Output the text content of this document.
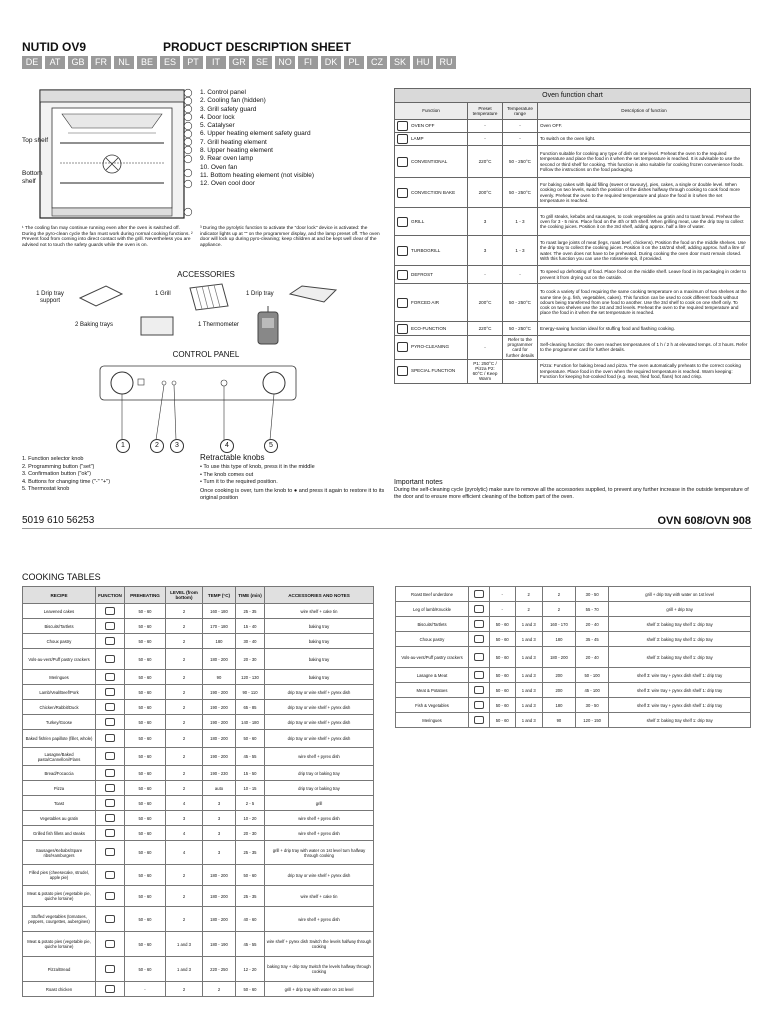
NUTID OV9	PRODUCT DESCRIPTION SHEET
DE	AT	GB	FR	NL	BE	ES	PT	IT	GR	SE	NO	FI	DK	PL	CZ	SK	HU	RU
Top shelf
Bottom shelf
1. Control panel
2. Cooling fan (hidden)
3. Grill safety guard
4. Door lock
5. Catalyser
6. Upper heating element safety guard
7. Grill heating element
8. Upper heating element
9. Rear oven lamp
10. Oven fan
11. Bottom heating element (not visible)
12. Oven cool door
¹ The cooling fan may continue running even after the oven is switched off. During the pyro-clean cycle the fan must work during normal cooking functions. ² Prevent food from coming into direct contact with the grill. Nevertheless you are advised not to touch the safety guards while the oven is on.
³ During the pyrolytic function to activate the "door lock" device is activated: the indicator lights up at "" on the programmer display, and the lamp preset off. The oven door will lock up during pyro-cleaning; keep children at and be kept well clear of the appliance.
ACCESSORIES
1 Drip tray support
1 Grill	1 Drip tray
2 Baking trays	1 Thermometer
CONTROL PANEL
1	2	3	4	5
1. Function selector knob
2. Programming button ("set")
3. Confirmation button ("ok")
4. Buttons for changing time ("-" "+")
5. Thermostat knob
Retractable knobs
• To use this type of knob, press it in the middle
• The knob comes out
• Turn it to the required position.
Once cooking is over, turn the knob to ● and press it again to restore it to its original position
Oven function chart			
Function	Preset temperature	Temperature range	Description of function
OVEN OFF	-	-	Oven OFF.
LAMP	-	-	To switch on the oven light.
CONVENTIONAL	220°C	50 - 250°C	Function suitable for cooking any type of dish on one level. Preheat the oven to the required temperature and place the food in it when the set temperature is reached. It is advisable to use the second or third shelf for cooking. This function is also suitable for cooking frozen convenience foods. Follow the instructions on the food packaging.
CONVECTION BAKE	200°C	50 - 250°C	For baking cakes with liquid filling (sweet or savoury), pies, cakes, a single or double level. When cooking on two levels, switch the position of the dishes halfway through cooking to cook food more evenly. Preheat the oven to the required temperature and place the food in it when the set temperature is reached.
GRILL	3	1 - 3	To grill steaks, kebabs and sausages, to cook vegetables au gratin and to toast bread. Preheat the oven for 3 - 5 mins. Place food on the 4th or 5th shelf. When grilling meat, use the drip tray to collect the cooking juices. Position it on the 3rd shelf, adding approx. half a litre of water.
TURBOGRILL	3	1 - 3	To roast large joints of meat (legs, roast beef, chickens). Position the food on the middle shelves. Use the drip tray to collect the cooking juices. Position it on the 1st/2nd shelf, adding approx. half a litre of water. The oven does not have to be preheated. During cooking the oven door must remain closed. With this function you can use the rotisserie spit, if provided.
DEFROST	-	-	To speed up defrosting of food. Place food on the middle shelf. Leave food in its packaging in order to prevent it from drying out on the outside.
FORCED AIR	200°C	50 - 250°C	To cook a variety of food requiring the same cooking temperature on a maximum of two shelves at the same time (e.g. fish, vegetables, cakes). This function can be used to cook different foods without odours being transferred from one food to another. Use the 3rd shelf to cook on one shelf only. To cook on two shelves use the 1st and 3rd levels. Preheat the oven to the required temperature and place the food in it when the set temperature is reached.
ECO-FUNCTION	220°C	50 - 250°C	Energy-saving function ideal for stuffing food and flashing cooking.
PYRO-CLEANING	-	Refer to the programmer card for further details	Self-cleaning function: the oven reaches temperatures of 1 h / 2 h at elevated temps. of 3 hours. Refer to the programmer card for further details.
SPECIAL FUNCTION	P1: 250°C / Pizza P2: 60°C / Keep Warm		Pizza: Function for baking bread and pizza. The oven automatically preheats to the correct cooking temperature. Place food in the oven when the required temperature is reached. Warm keeping: Function for keeping hot-cooked food (e.g. meat, fried food, flans) hot and crisp.
Important notes
During the self-cleaning cycle (pyrolytic) make sure to remove all the accessories supplied, to prevent any further increase in the outside temperature of the door and to ensure more efficient cleaning of the bottom part of the oven.
5019 610 56253	OVN 608/OVN 908
COOKING TABLES
RECIPE	FUNCTION	PREHEATING	LEVEL (from bottom)	TEMP (°C)	TIME (min)	ACCESSORIES AND NOTES
Leavened cakes		50 - 60	2	160 - 180	25 - 35	wire shelf + cake tin
Biscuits/Tartlets		50 - 60	2	170 - 180	15 - 40	baking tray
Choux pastry		50 - 60	2	180	30 - 40	baking tray
Vols-au-vent/Puff pastry crackers		50 - 60	2	180 - 200	20 - 30	baking tray
Meringues		50 - 60	2	90	120 - 130	baking tray
Lamb/Veal/Beef/Pork		50 - 60	2	190 - 200	90 - 110	drip tray or wire shelf + pyrex dish
Chicken/Rabbit/Duck		50 - 60	2	190 - 200	65 - 85	drip tray or wire shelf + pyrex dish
Turkey/Goose		50 - 60	2	190 - 200	140 - 180	drip tray or wire shelf + pyrex dish
Baked fish/en papillote (fillet, whole)		50 - 60	2	180 - 200	50 - 60	drip tray or wire shelf + pyrex dish
Lasagne/Baked pasta/Cannelloni/Flans		50 - 60	2	190 - 200	45 - 55	wire shelf + pyrex dish
Bread/Focaccia		50 - 60	2	190 - 230	15 - 50	drip tray or baking tray
Pizza		50 - 60	2	auto	10 - 15	drip tray or baking tray
Toast		50 - 60	4	3	2 - 5	grill
Vegetables au gratin		50 - 60	3	3	10 - 20	wire shelf + pyrex dish
Grilled fish fillets and steaks		50 - 60	4	3	20 - 30	wire shelf + pyrex dish
Sausages/Kebabs/Spare ribs/Hamburgers		50 - 60	4	3	25 - 35	grill + drip tray with water on 1st level turn halfway through cooking
Filled pies (cheesecake, strudel, apple pie)		50 - 60	2	180 - 200	50 - 60	drip tray or wire shelf + pyrex dish
Meat & potato pies (vegetable pie, quiche lorraine)		50 - 60	2	180 - 200	25 - 35	wire shelf + cake tin
Stuffed vegetables (tomatoes, peppers, courgettes, aubergines)		50 - 60	2	180 - 200	40 - 60	wire shelf + pyrex dish
Meat & potato pies (vegetable pie, quiche lorraine)		50 - 60	1 and 3	180 - 190	45 - 55	wire shelf + pyrex dish Switch the levels halfway through cooking
Pizza/Bread		50 - 60	1 and 3	220 - 250	12 - 20	baking tray + drip tray Switch the levels halfway through cooking
Roast chicken		-	2	2	50 - 60	grill + drip tray with water on 1st level
Roast Beef underdone		-	2	2	30 - 50	grill + drip tray with water on 1st level
Leg of lamb/Knuckle		-	2	2	55 - 70	grill + drip tray
Biscuits/Tartlets		50 - 60	1 and 3	160 - 170	20 - 40	shelf 3: baking tray shelf 1: drip tray
Choux pastry		50 - 60	1 and 3	180	35 - 45	shelf 3: baking tray shelf 1: drip tray
Vols-au-vent/Puff pastry crackers		50 - 60	1 and 3	180 - 200	20 - 40	shelf 3: baking tray shelf 1: drip tray
Lasagne & Meat		50 - 60	1 and 3	200	50 - 100	shelf 3: wire tray + pyrex dish shelf 1: drip tray
Meat & Potatoes		50 - 60	1 and 3	200	45 - 100	shelf 3: wire tray + pyrex dish shelf 1: drip tray
Fish & Vegetables		50 - 60	1 and 3	180	30 - 50	shelf 3: wire tray + pyrex dish shelf 1: drip tray
Meringues		50 - 60	1 and 3	90	120 - 150	shelf 3: baking tray shelf 1: drip tray
